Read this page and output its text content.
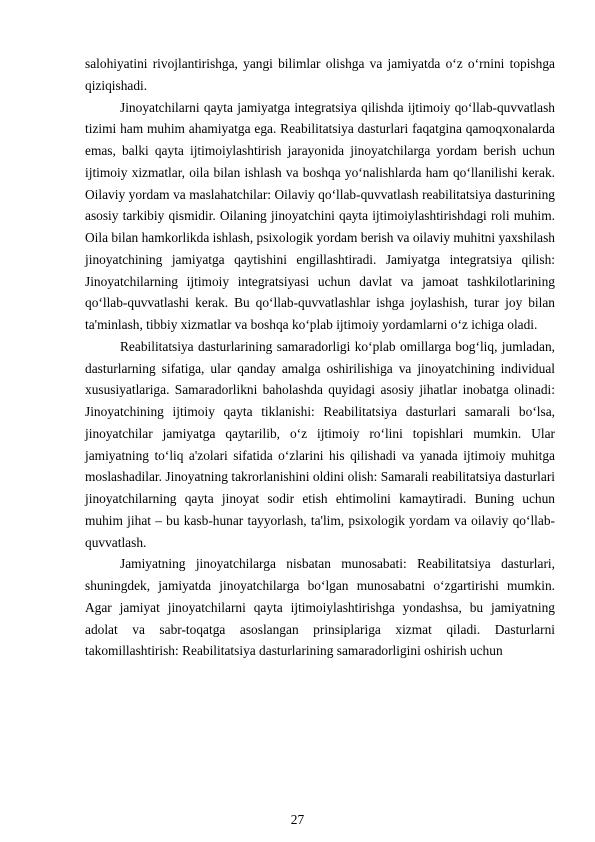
salohiyatini rivojlantirishga, yangi bilimlar olishga va jamiyatda o‘z o‘rnini topishga qiziqishadi.

Jinoyatchilarni qayta jamiyatga integratsiya qilishda ijtimoiy qo‘llab-quvvatlash tizimi ham muhim ahamiyatga ega. Reabilitatsiya dasturlari faqatgina qamoqxonalarda emas, balki qayta ijtimoiylashtirish jarayonida jinoyatchilarga yordam berish uchun ijtimoiy xizmatlar, oila bilan ishlash va boshqa yo‘nalishlarda ham qo‘llanilishi kerak. Oilaviy yordam va maslahatchilar: Oilaviy qo‘llab-quvvatlash reabilitatsiya dasturining asosiy tarkibiy qismidir. Oilaning jinoyatchini qayta ijtimoiylashtirishdagi roli muhim. Oila bilan hamkorlikda ishlash, psixologik yordam berish va oilaviy muhitni yaxshilash jinoyatchining jamiyatga qaytishini engillashtiradi. Jamiyatga integratsiya qilish: Jinoyatchilarning ijtimoiy integratsiyasi uchun davlat va jamoat tashkilotlarining qo‘llab-quvvatlashi kerak. Bu qo‘llab-quvvatlashlar ishga joylashish, turar joy bilan ta'minlash, tibbiy xizmatlar va boshqa ko‘plab ijtimoiy yordamlarni o‘z ichiga oladi.

Reabilitatsiya dasturlarining samaradorligi ko‘plab omillarga bog‘liq, jumladan, dasturlarning sifatiga, ular qanday amalga oshirilishiga va jinoyatchining individual xususiyatlariga. Samaradorlikni baholashda quyidagi asosiy jihatlar inobatga olinadi: Jinoyatchining ijtimoiy qayta tiklanishi: Reabilitatsiya dasturlari samarali bo‘lsa, jinoyatchilar jamiyatga qaytarilib, o‘z ijtimoiy ro‘lini topishlari mumkin. Ular jamiyatning to‘liq a'zolari sifatida o‘zlarini his qilishadi va yanada ijtimoiy muhitga moslashadilar. Jinoyatning takrorlanishini oldini olish: Samarali reabilitatsiya dasturlari jinoyatchilarning qayta jinoyat sodir etish ehtimolini kamaytiradi. Buning uchun muhim jihat – bu kasb-hunar tayyorlash, ta'lim, psixologik yordam va oilaviy qo‘llab-quvvatlash.

Jamiyatning jinoyatchilarga nisbatan munosabati: Reabilitatsiya dasturlari, shuningdek, jamiyatda jinoyatchilarga bo‘lgan munosabatni o‘zgartirishi mumkin. Agar jamiyat jinoyatchilarni qayta ijtimoiylashtirishga yondashsa, bu jamiyatning adolat va sabr-toqatga asoslangan prinsiplariga xizmat qiladi. Dasturlarni takomillashtirish: Reabilitatsiya dasturlarining samaradorligini oshirish uchun

27
